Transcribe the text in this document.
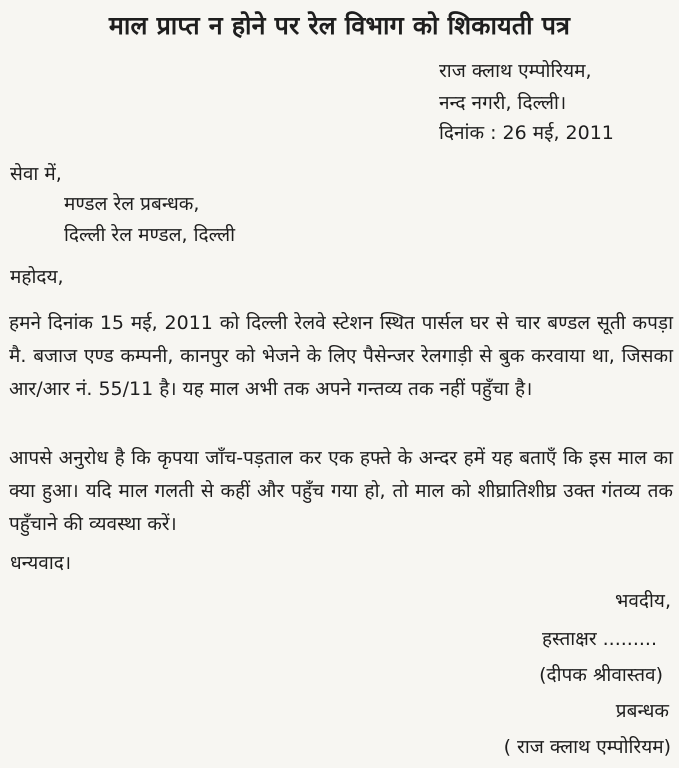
माल प्राप्त न होने पर रेल विभाग को शिकायती पत्र
राज क्लाथ एम्पोरियम,
नन्द नगरी, दिल्ली।
दिनांक : 26 मई, 2011
सेवा में,
मण्डल रेल प्रबन्धक,
दिल्ली रेल मण्डल, दिल्ली
महोदय,
हमने दिनांक 15 मई, 2011 को दिल्ली रेलवे स्टेशन स्थित पार्सल घर से चार बण्डल सूती कपड़ा मै. बजाज एण्ड कम्पनी, कानपुर को भेजने के लिए पैसेन्जर रेलगाड़ी से बुक करवाया था, जिसका आर/आर नं. 55/11 है। यह माल अभी तक अपने गन्तव्य तक नहीं पहुँचा है।
आपसे अनुरोध है कि कृपया जाँच-पड़ताल कर एक हफ्ते के अन्दर हमें यह बताएँ कि इस माल का क्या हुआ। यदि माल गलती से कहीं और पहुँच गया हो, तो माल को शीघ्रातिशीघ्र उक्त गंतव्य तक पहुँचाने की व्यवस्था करें।
धन्यवाद।
भवदीय,
हस्ताक्षर .........
(दीपक श्रीवास्तव)
प्रबन्धक
( राज क्लाथ एम्पोरियम)
